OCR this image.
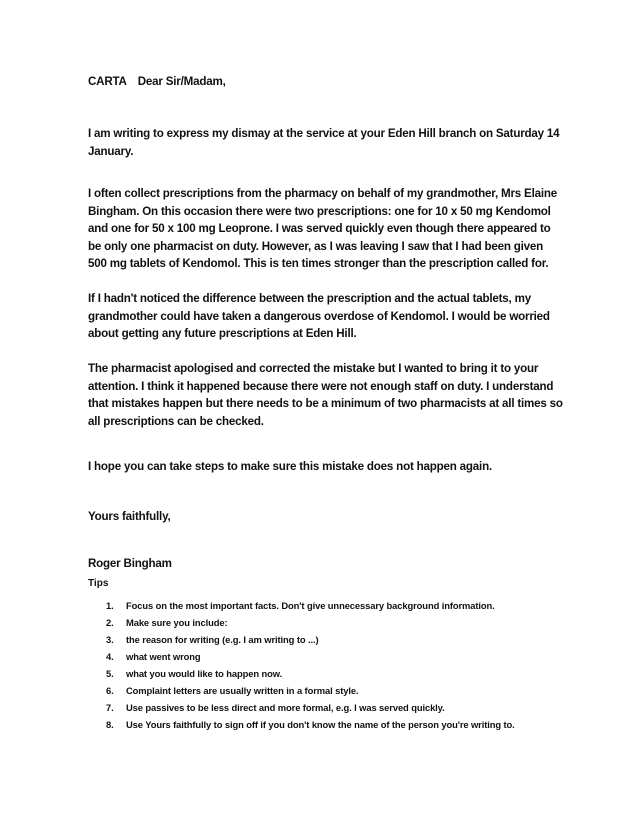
CARTA Dear Sir/Madam,

I am writing to express my dismay at the service at your Eden Hill branch on Saturday 14 January.

I often collect prescriptions from the pharmacy on behalf of my grandmother, Mrs Elaine Bingham. On this occasion there were two prescriptions: one for 10 x 50 mg Kendomol and one for 50 x 100 mg Leoprone. I was served quickly even though there appeared to be only one pharmacist on duty. However, as I was leaving I saw that I had been given 500 mg tablets of Kendomol. This is ten times stronger than the prescription called for.

If I hadn't noticed the difference between the prescription and the actual tablets, my grandmother could have taken a dangerous overdose of Kendomol. I would be worried about getting any future prescriptions at Eden Hill.

The pharmacist apologised and corrected the mistake but I wanted to bring it to your attention. I think it happened because there were not enough staff on duty. I understand that mistakes happen but there needs to be a minimum of two pharmacists at all times so all prescriptions can be checked.

I hope you can take steps to make sure this mistake does not happen again.

Yours faithfully,

Roger Bingham

Tips

1.	Focus on the most important facts. Don't give unnecessary background information.
2.	Make sure you include:
3.	the reason for writing (e.g. I am writing to ...)
4.	what went wrong
5.	what you would like to happen now.
6.	Complaint letters are usually written in a formal style.
7.	Use passives to be less direct and more formal, e.g. I was served quickly.
8.	Use Yours faithfully to sign off if you don't know the name of the person you're writing to.
